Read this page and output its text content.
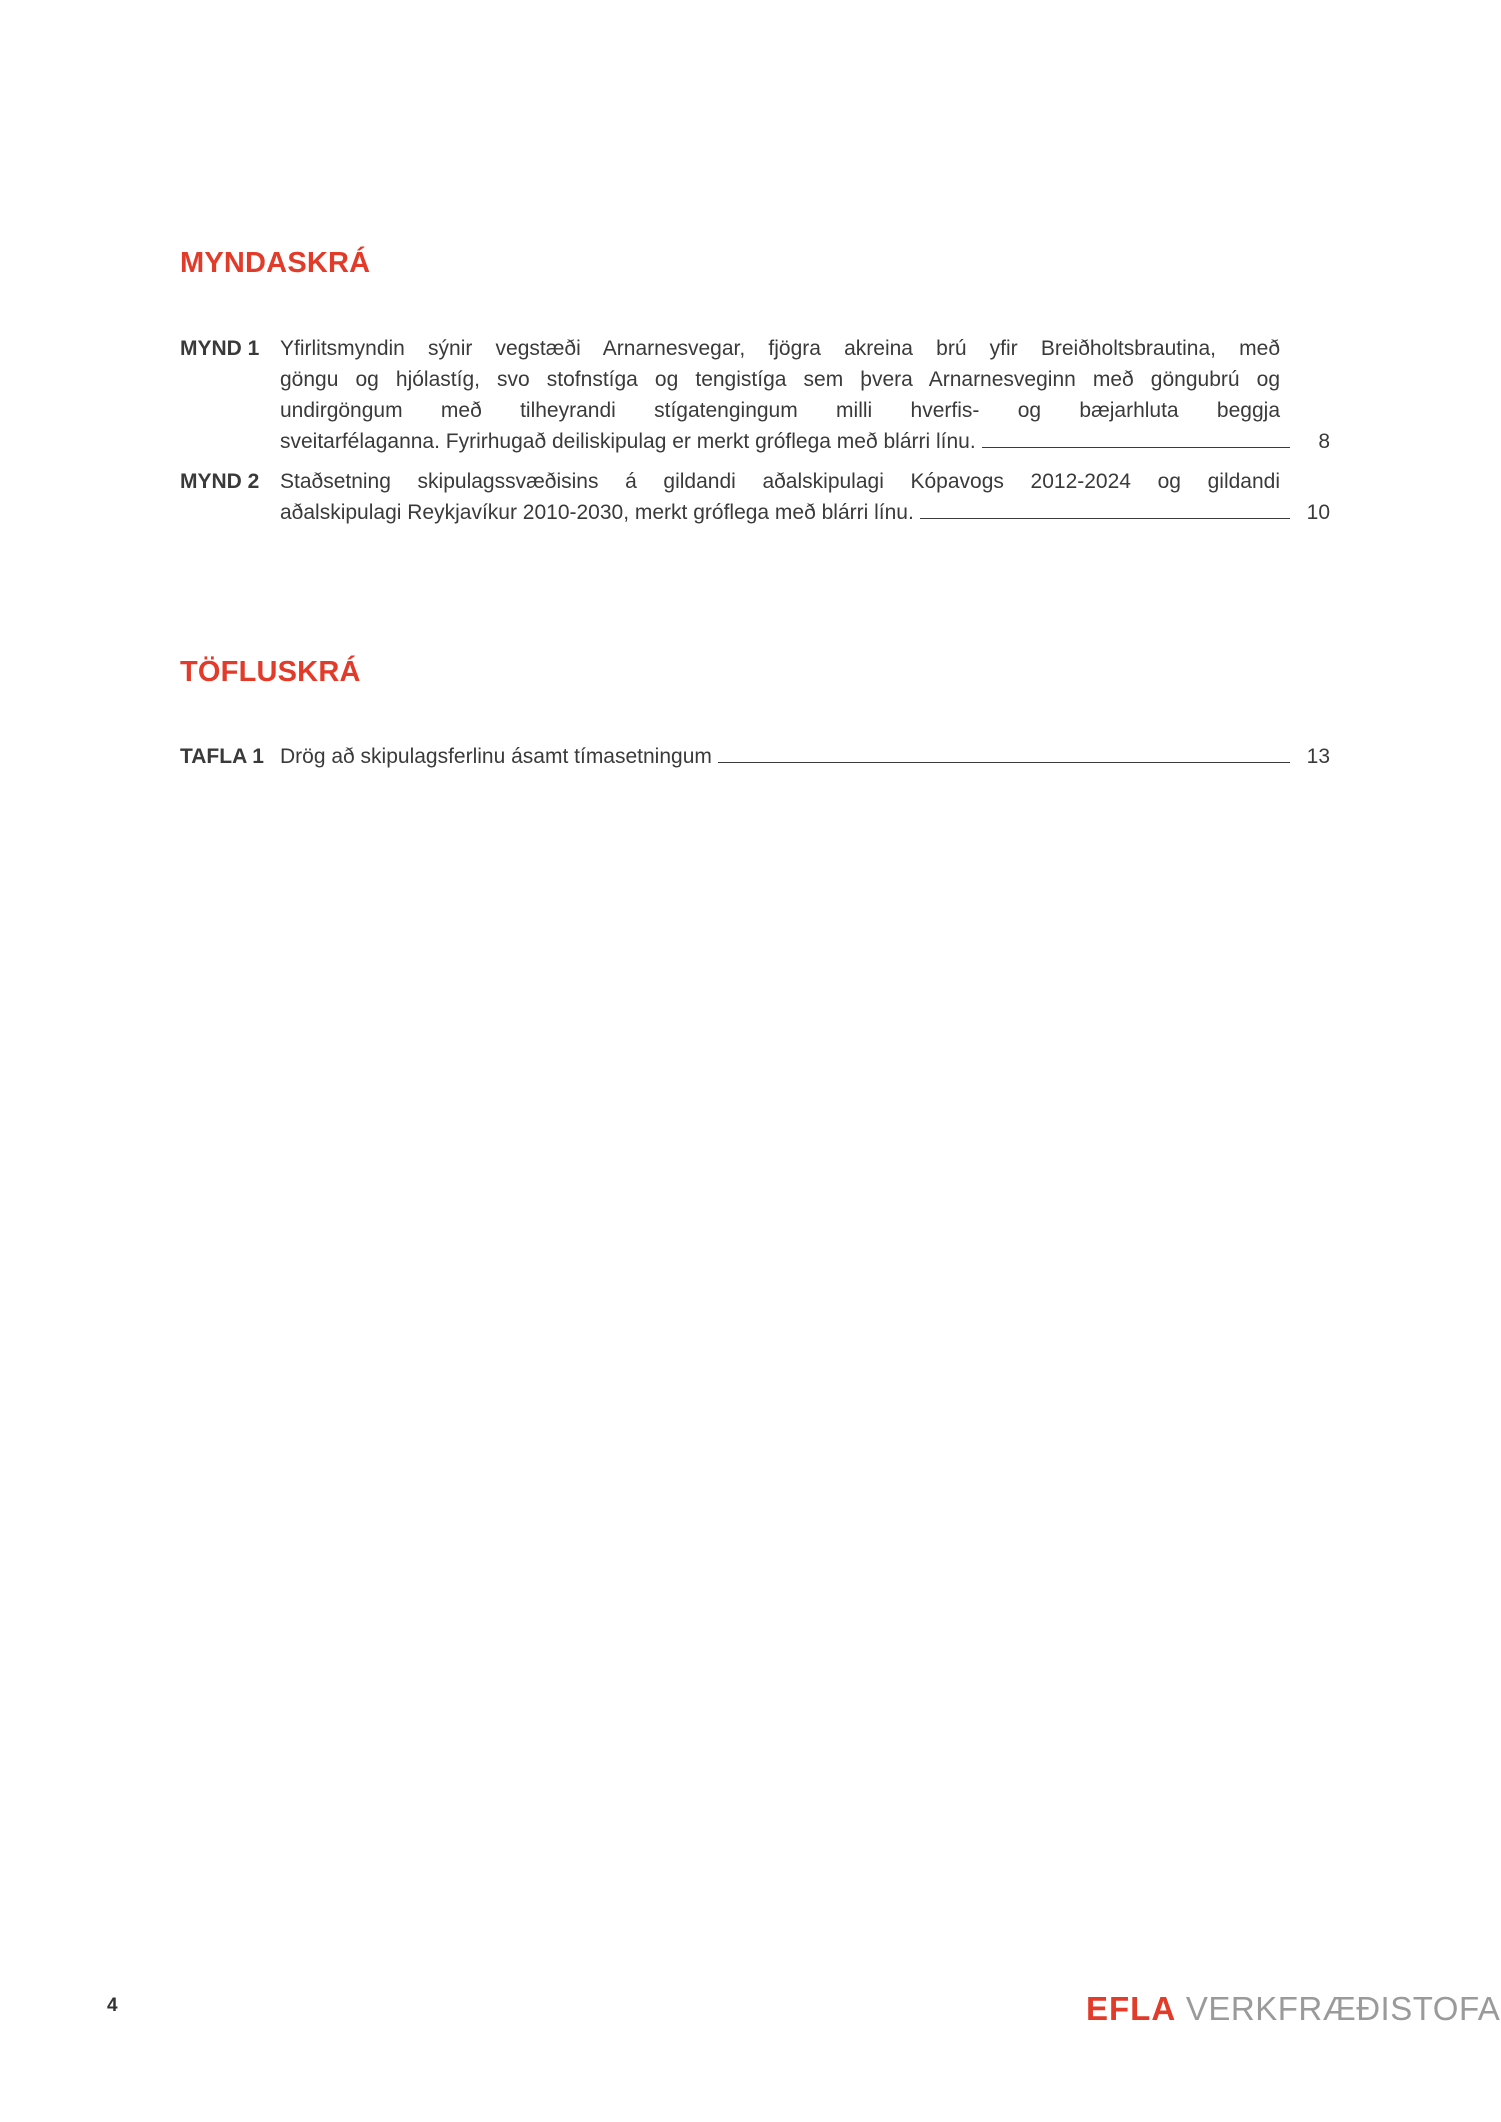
MYNDASKRÁ
MYND 1 Yfirlitsmyndin sýnir vegstæði Arnarnesvegar, fjögra akreina brú yfir Breiðholtsbrautina, með
göngu og hjólastíg, svo stofnstíga og tengistíga sem þvera Arnarnesveginn með göngubrú og
undirgöngum með tilheyrandi stígatengingum milli hverfis- og bæjarhluta beggja
sveitarfélaganna. Fyrirhugað deiliskipulag er merkt gróflega með blárri línu.	8
MYND 2 Staðsetning skipulagssvæðisins á gildandi aðalskipulagi Kópavogs 2012-2024 og gildandi
aðalskipulagi Reykjavíkur 2010-2030, merkt gróflega með blárri línu.	10
TÖFLUSKRÁ
TAFLA 1 Drög að skipulagsferlinu ásamt tímasetningum	13
4	EFLA VERKFRÆÐISTOFA
